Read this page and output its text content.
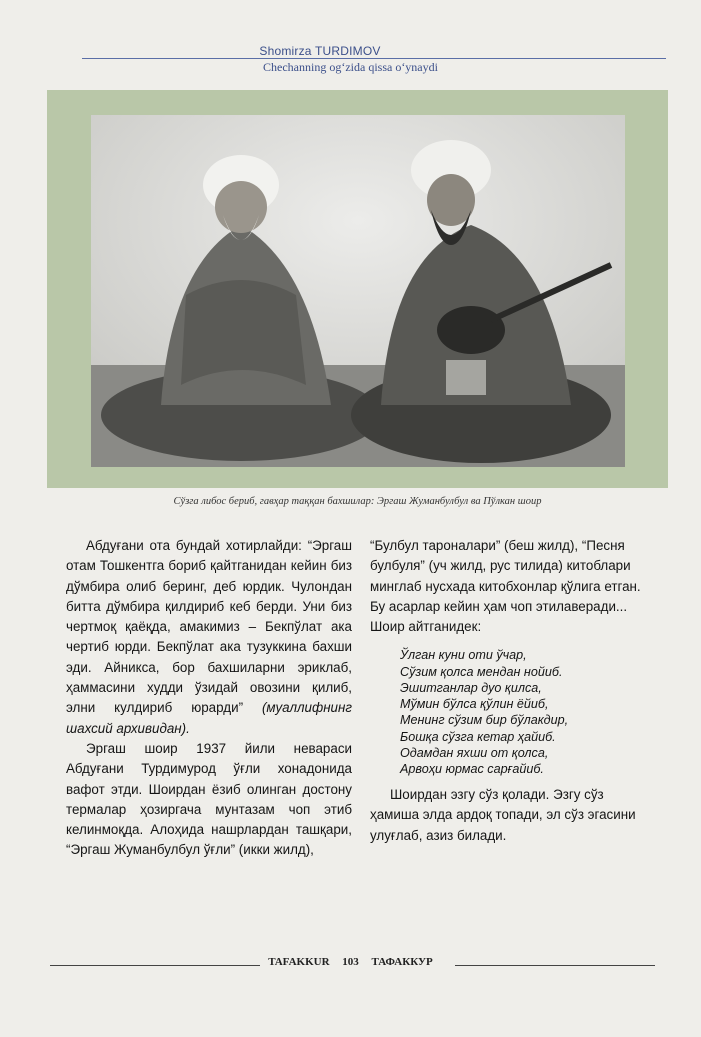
Shomirza TURDIMOV
Chechanning og‘zida qissa o‘ynaydi
Сўзга либос бериб, гавҳар таққан бахшилар: Эргаш Жуманбулбул ва Пўлкан шоир

Абдуғани ота бундай хотирлайди: “Эргаш отам Тошкентга бориб қайтганидан кейин биз дўмбира олиб беринг, деб юрдик. Чулондан битта дўмбира қилдириб кеб берди. Уни биз чертмоқ қаёқда, амакимиз – Бекпўлат ака чертиб юрди. Бекпўлат ака тузуккина бахши эди. Айникса, бор бахшиларни эриклаб, ҳаммасини худди ўзидай овозини қилиб, элни кулдириб юрарди” (муаллифнинг шахсий архивидан).

Эргаш шоир 1937 йили невараси Абдуғани Турдимурод ўғли хонадонида вафот этди. Шоирдан ёзиб олинган достону термалар ҳозиргача мунтазам чоп этиб келинмоқда. Алоҳида нашрлардан ташқари, “Эргаш Жуманбулбул ўғли” (икки жилд),

“Булбул тароналари” (беш жилд), “Песня булбуля” (уч жилд, рус тилида) китоблари минглаб нусхада китобхонлар қўлига етган. Бу асарлар кейин ҳам чоп этилаверади... Шоир айтганидек:

Ўлган куни оти ўчар,
Сўзим қолса мендан нойиб.
Эшитганлар дуо қилса,
Мўмин бўлса қўлин ёйиб,
Менинг сўзим бир бўлакдир,
Бошқа сўзга кетар ҳайиб.
Одамдан яхши от қолса,
Арвоҳи юрмас сарғайиб.

Шоирдан эзгу сўз қолади. Эзгу сўз ҳамиша элда ардоқ топади, эл сўз эгасини улуғлаб, азиз билади.

TAFAKKUR 103 ТАФАККУР
